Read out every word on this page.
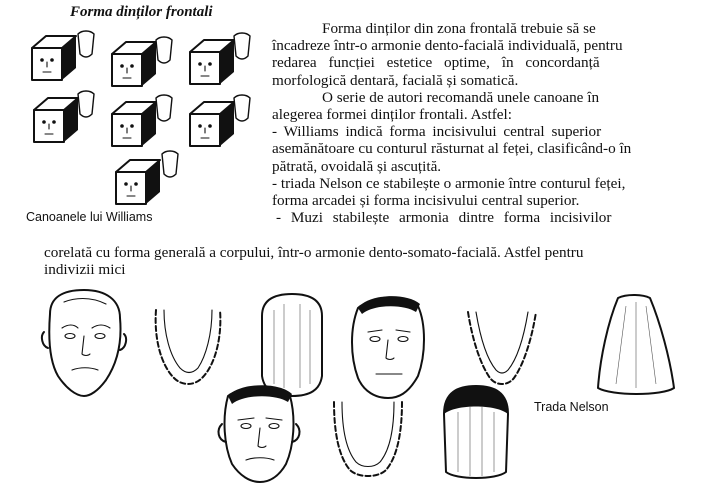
Forma dinților frontali
Canoanele lui Williams
Forma dinților din zona frontală trebuie să se
încadreze într-o armonie dento-facială individuală, pentru
redarea funcției estetice optime, în concordanță
morfologică dentară, facială și somatică.
O serie de autori recomandă unele canoane în
alegerea formei dinților frontali. Astfel:
- Williams indică forma incisivului central superior
asemănătoare cu conturul răsturnat al feței, clasificând-o în
pătrată, ovoidală și ascuțită.
- triada Nelson ce stabilește o armonie între conturul feței,
forma arcadei și forma incisivului central superior.
- Muzi stabilește armonia dintre forma incisivilor
corelată cu forma generală a corpului, într-o armonie dento-somato-facială. Astfel pentru
indivizii mici
Trada Nelson
